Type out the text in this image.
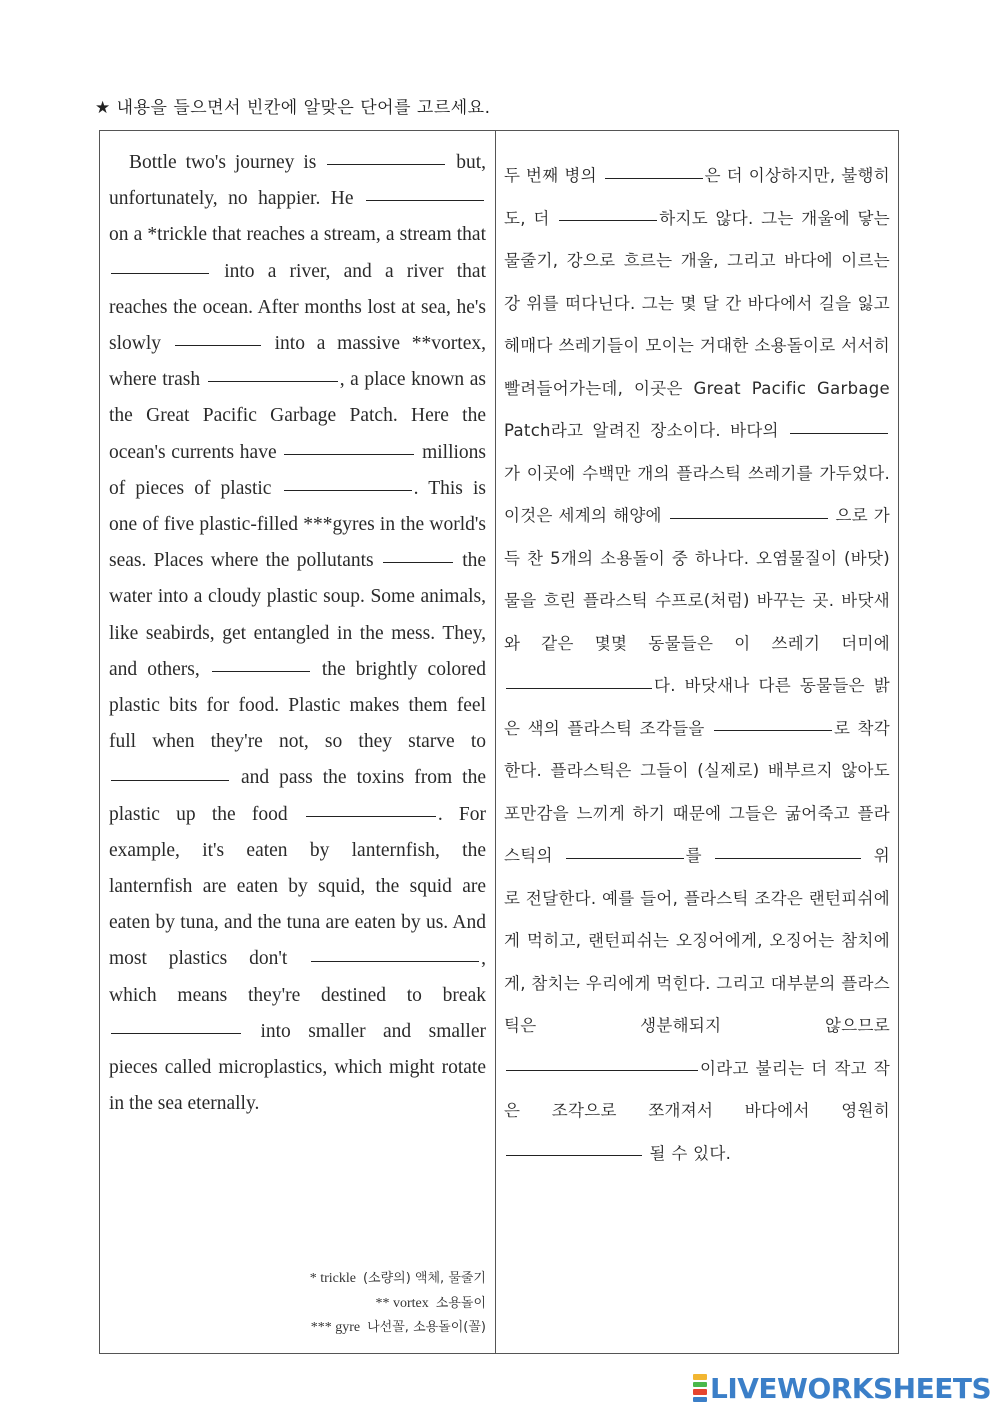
★ 내용을 들으면서 빈칸에 알맞은 단어를 고르세요.

Bottle two's journey is	but, unfortunately, no happier. He  on a *trickle that reaches a stream, a stream that  into a river, and a river that reaches the ocean. After months lost at sea, he's slowly	into a massive **vortex, where trash	, a place known as the Great Pacific Garbage Patch. Here the ocean's currents have	millions of pieces of plastic	. This is one of five plastic-filled ***gyres in the world's seas. Places where the pollutants	the water into a cloudy plastic soup. Some animals, like seabirds, get entangled in the mess. They, and others,	the brightly colored plastic bits for food. Plastic makes them feel full when they're not, so they starve to  and pass the toxins from the plastic up the food	. For example, it's eaten by lanternfish, the lanternfish are eaten by squid, the squid are eaten by tuna, and the tuna are eaten by us. And most plastics don't	, which means they're destined to break  into smaller and smaller pieces called microplastics, which might rotate in the sea eternally.

* trickle (소량의) 액체, 물줄기
** vortex 소용돌이
*** gyre 나선꼴, 소용돌이(꼴)

두 번째 병의	은 더 이상하지만, 불행히도, 더	하지도 않다. 그는 개울에 닿는 물줄기, 강으로 흐르는 개울, 그리고 바다에 이르는 강 위를 떠다닌다. 그는 몇 달 간 바다에서 길을 잃고 헤매다 쓰레기들이 모이는 거대한 소용돌이로 서서히 빨려들어가는데, 이곳은 Great Pacific Garbage Patch라고 알려진 장소이다. 바다의 가 이곳에 수백만 개의 플라스틱 쓰레기를 가두었다. 이것은 세계의 해양에	으로 가득 찬 5개의 소용돌이 중 하나다. 오염물질이 (바닷)물을 흐린 플라스틱 수프로(처럼) 바꾸는 곳. 바닷새와 같은 몇몇 동물들은 이 쓰레기 더미에 다. 바닷새나 다른 동물들은 밝은 색의 플라스틱 조각들을	로 착각한다. 플라스틱은 그들이 (실제로) 배부르지 않아도 포만감을 느끼게 하기 때문에 그들은 굶어죽고 플라스틱의	를	위로 전달한다. 예를 들어, 플라스틱 조각은 랜턴피쉬에게 먹히고, 랜턴피쉬는 오징어에게, 오징어는 참치에게, 참치는 우리에게 먹힌다. 그리고 대부분의 플라스틱은 생분해되지 않으므로 이라고 불리는 더 작고 작은 조각으로 쪼개져서 바다에서 영원히  될 수 있다.

LIVEWORKSHEETS
